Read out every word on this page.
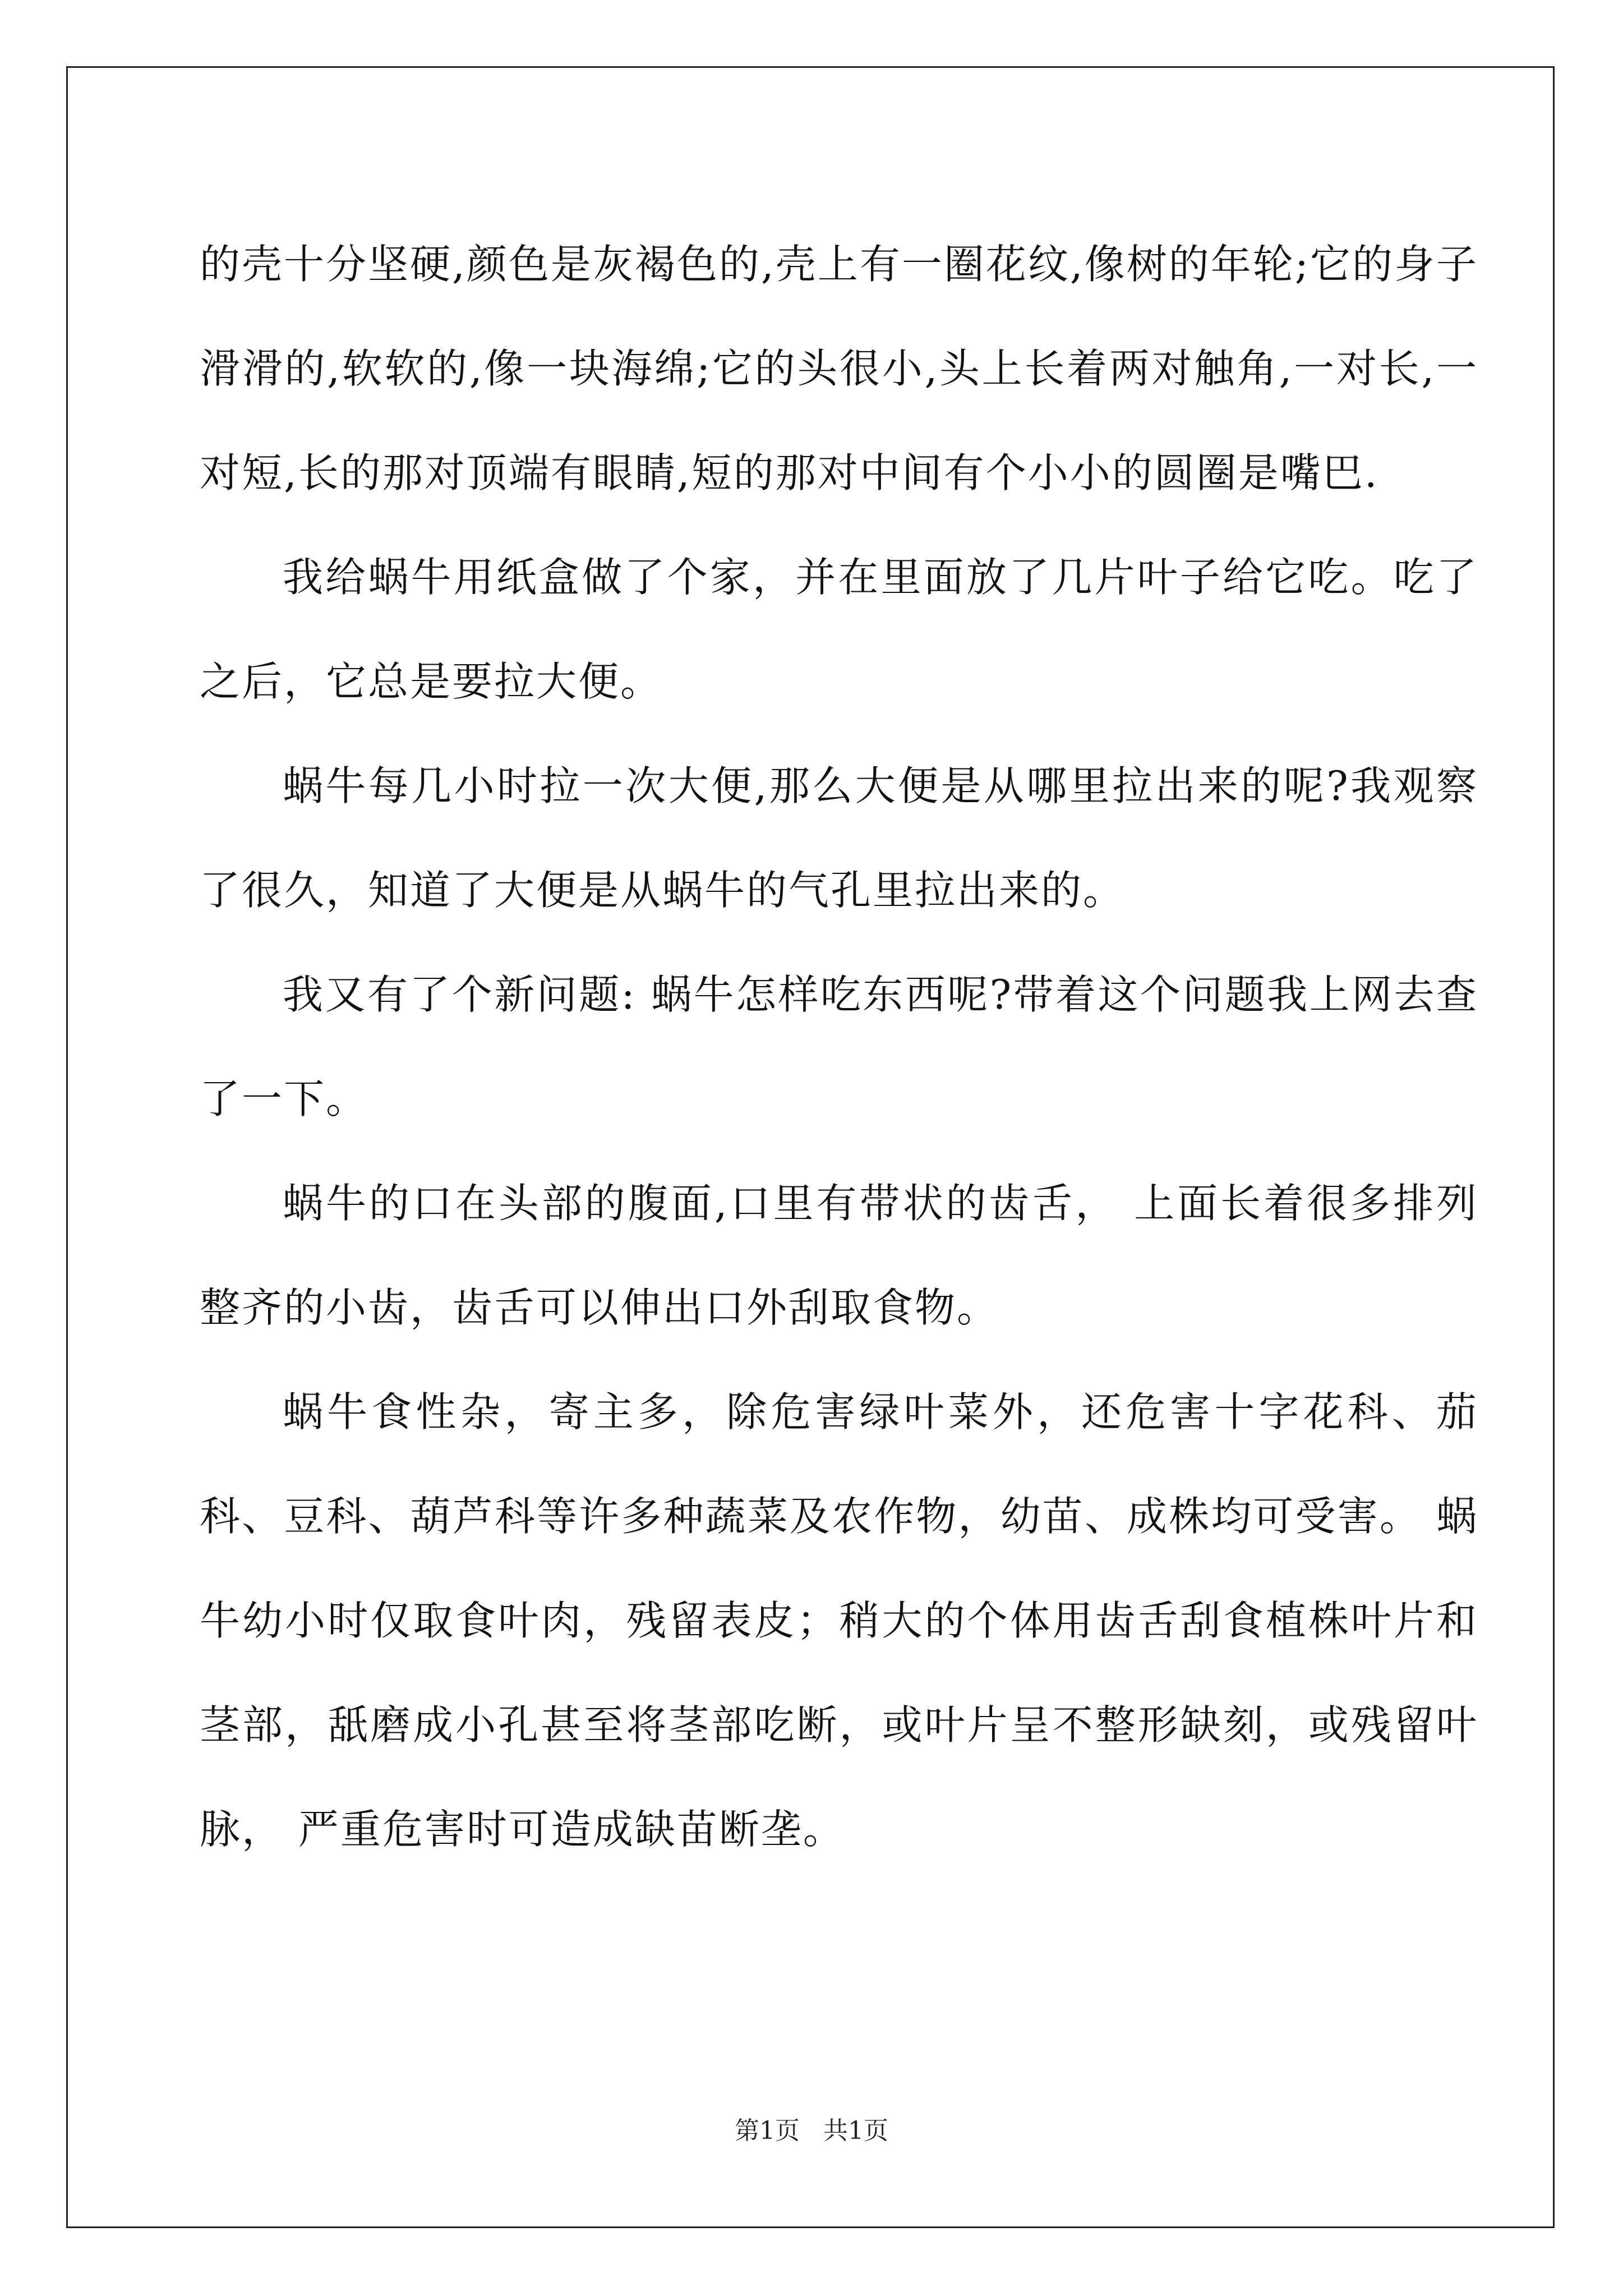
的壳十分坚硬,颜色是灰褐色的,壳上有一圈花纹,像树的年轮;它的身子滑滑的,软软的,像一块海绵;它的头很小,头上长着两对触角,一对长,一对短,长的那对顶端有眼睛,短的那对中间有个小小的圆圈是嘴巴.

我给蜗牛用纸盒做了个家，并在里面放了几片叶子给它吃。吃了之后，它总是要拉大便。

蜗牛每几小时拉一次大便,那么大便是从哪里拉出来的呢?我观察了很久，知道了大便是从蜗牛的气孔里拉出来的。

我又有了个新问题: 蜗牛怎样吃东西呢?带着这个问题我上网去查了一下。

蜗牛的口在头部的腹面,口里有带状的齿舌， 上面长着很多排列整齐的小齿，齿舌可以伸出口外刮取食物。

蜗牛食性杂，寄主多，除危害绿叶菜外，还危害十字花科、茄科、豆科、葫芦科等许多种蔬菜及农作物，幼苗、成株均可受害。 蜗牛幼小时仅取食叶肉，残留表皮；稍大的个体用齿舌刮食植株叶片和茎部，舐磨成小孔甚至将茎部吃断，或叶片呈不整形缺刻，或残留叶脉， 严重危害时可造成缺苗断垄。

第1页   共1页
